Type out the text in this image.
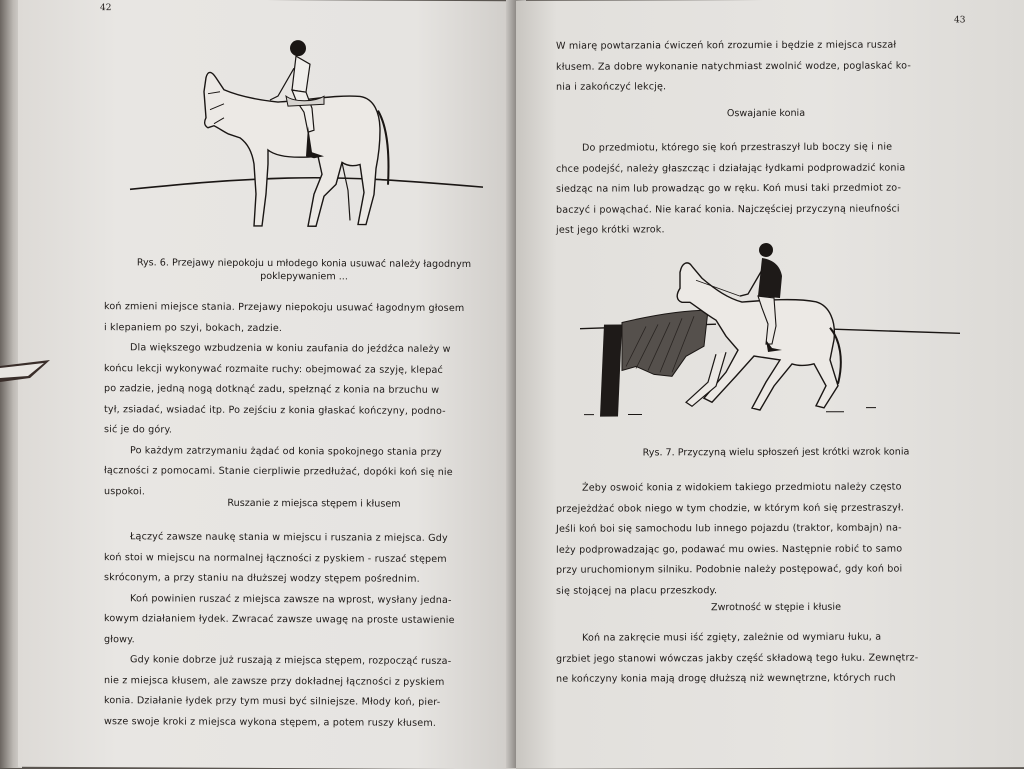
42
Rys. 6. Przejawy niepokoju u młodego konia usuwać należy łagodnym
poklepywaniem ...

koń zmieni miejsce stania. Przejawy niepokoju usuwać łagodnym głosem

i klepaniem po szyi, bokach, zadzie.

Dla większego wzbudzenia w koniu zaufania do jeźdźca należy w

końcu lekcji wykonywać rozmaite ruchy: obejmować za szyję, klepać

po zadzie, jedną nogą dotknąć zadu, spełznąć z konia na brzuchu w

tył, zsiadać, wsiadać itp. Po zejściu z konia głaskać kończyny, podno-

sić je do góry.

Po każdym zatrzymaniu żądać od konia spokojnego stania przy

łączności z pomocami. Stanie cierpliwie przedłużać, dopóki koń się nie

uspokoi.

Ruszanie z miejsca stępem i kłusem

Łączyć zawsze naukę stania w miejscu i ruszania z miejsca. Gdy

koń stoi w miejscu na normalnej łączności z pyskiem - ruszać stępem

skróconym, a przy staniu na dłuższej wodzy stępem pośrednim.

Koń powinien ruszać z miejsca zawsze na wprost, wysłany jedna-

kowym działaniem łydek. Zwracać zawsze uwagę na proste ustawienie

głowy.

Gdy konie dobrze już ruszają z miejsca stępem, rozpocząć rusza-

nie z miejsca kłusem, ale zawsze przy dokładnej łączności z pyskiem

konia. Działanie łydek przy tym musi być silniejsze. Młody koń, pier-

wsze swoje kroki z miejsca wykona stępem, a potem ruszy kłusem.

43

W miarę powtarzania ćwiczeń koń zrozumie i będzie z miejsca ruszał

kłusem. Za dobre wykonanie natychmiast zwolnić wodze, poglaskać ko-

nia i zakończyć lekcję.

Oswajanie konia

Do przedmiotu, którego się koń przestraszył lub boczy się i nie

chce podejść, należy głaszcząc i działając łydkami podprowadzić konia

siedząc na nim lub prowadząc go w ręku. Koń musi taki przedmiot zo-

baczyć i powąchać. Nie karać konia. Najczęściej przyczyną nieufności

jest jego krótki wzrok.

Rys. 7. Przyczyną wielu spłoszeń jest krótki wzrok konia

Żeby oswoić konia z widokiem takiego przedmiotu należy często

przejeżdżać obok niego w tym chodzie, w którym koń się przestraszył.

Jeśli koń boi się samochodu lub innego pojazdu (traktor, kombajn) na-

leży podprowadzając go, podawać mu owies. Następnie robić to samo

przy uruchomionym silniku. Podobnie należy postępować, gdy koń boi

się stojącej na placu przeszkody.

Zwrotność w stępie i kłusie

Koń na zakręcie musi iść zgięty, zależnie od wymiaru łuku, a

grzbiet jego stanowi wówczas jakby część składową tego łuku. Zewnętrz-

ne kończyny konia mają drogę dłuższą niż wewnętrzne, których ruch
